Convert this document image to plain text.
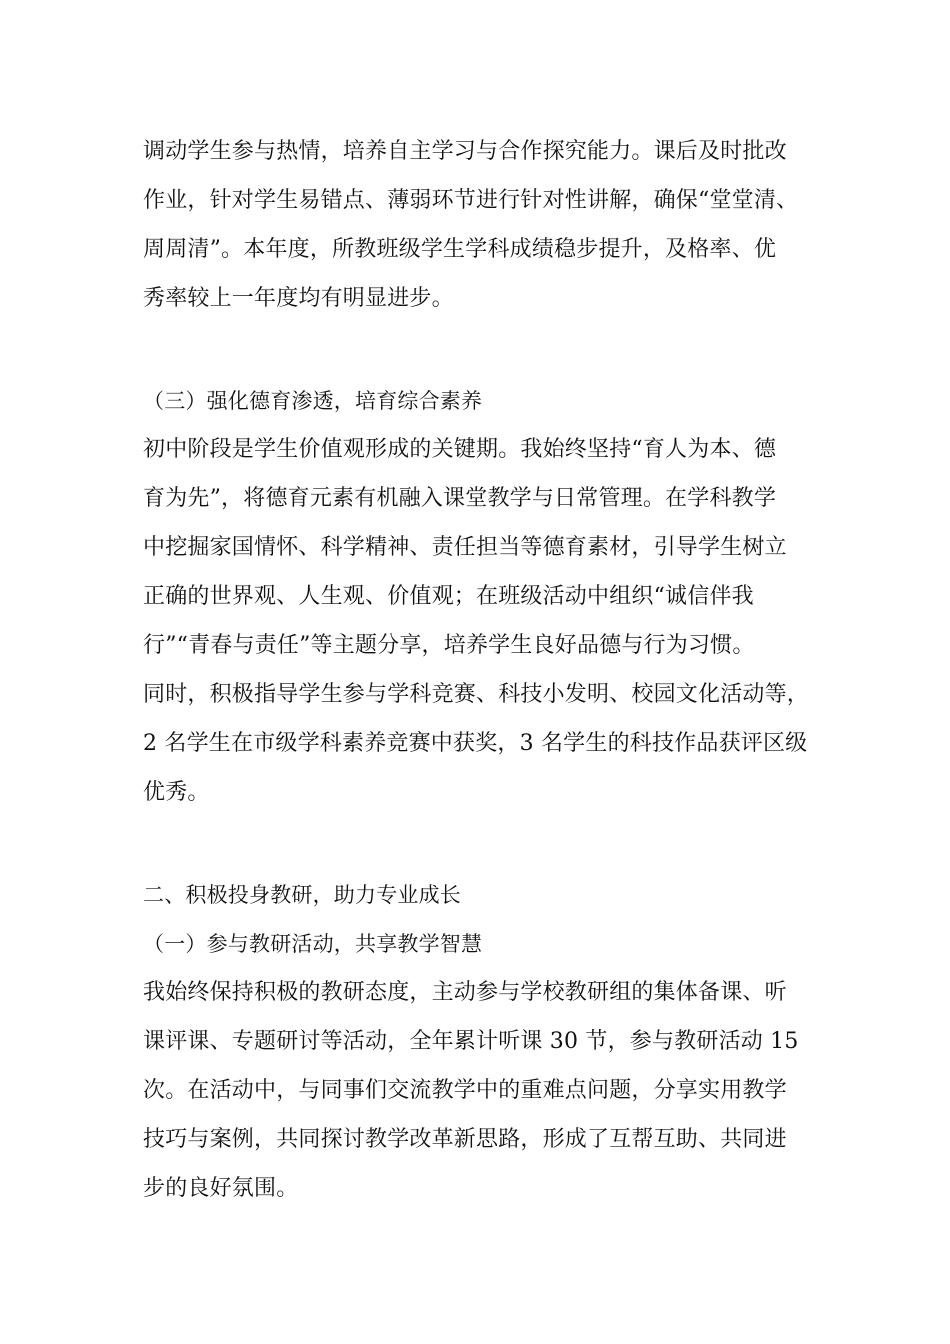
调动学生参与热情，培养自主学习与合作探究能力。课后及时批改
作业，针对学生易错点、薄弱环节进行针对性讲解，确保“堂堂清、
周周清”。本年度，所教班级学生学科成绩稳步提升，及格率、优
秀率较上一年度均有明显进步。
（三）强化德育渗透，培育综合素养
初中阶段是学生价值观形成的关键期。我始终坚持“育人为本、德
育为先”，将德育元素有机融入课堂教学与日常管理。在学科教学
中挖掘家国情怀、科学精神、责任担当等德育素材，引导学生树立
正确的世界观、人生观、价值观；在班级活动中组织“诚信伴我
行”“青春与责任”等主题分享，培养学生良好品德与行为习惯。
同时，积极指导学生参与学科竞赛、科技小发明、校园文化活动等，
2 名学生在市级学科素养竞赛中获奖，3 名学生的科技作品获评区级
优秀。
二、积极投身教研，助力专业成长
（一）参与教研活动，共享教学智慧
我始终保持积极的教研态度，主动参与学校教研组的集体备课、听
课评课、专题研讨等活动，全年累计听课 30 节，参与教研活动 15
次。在活动中，与同事们交流教学中的重难点问题，分享实用教学
技巧与案例，共同探讨教学改革新思路，形成了互帮互助、共同进
步的良好氛围。
